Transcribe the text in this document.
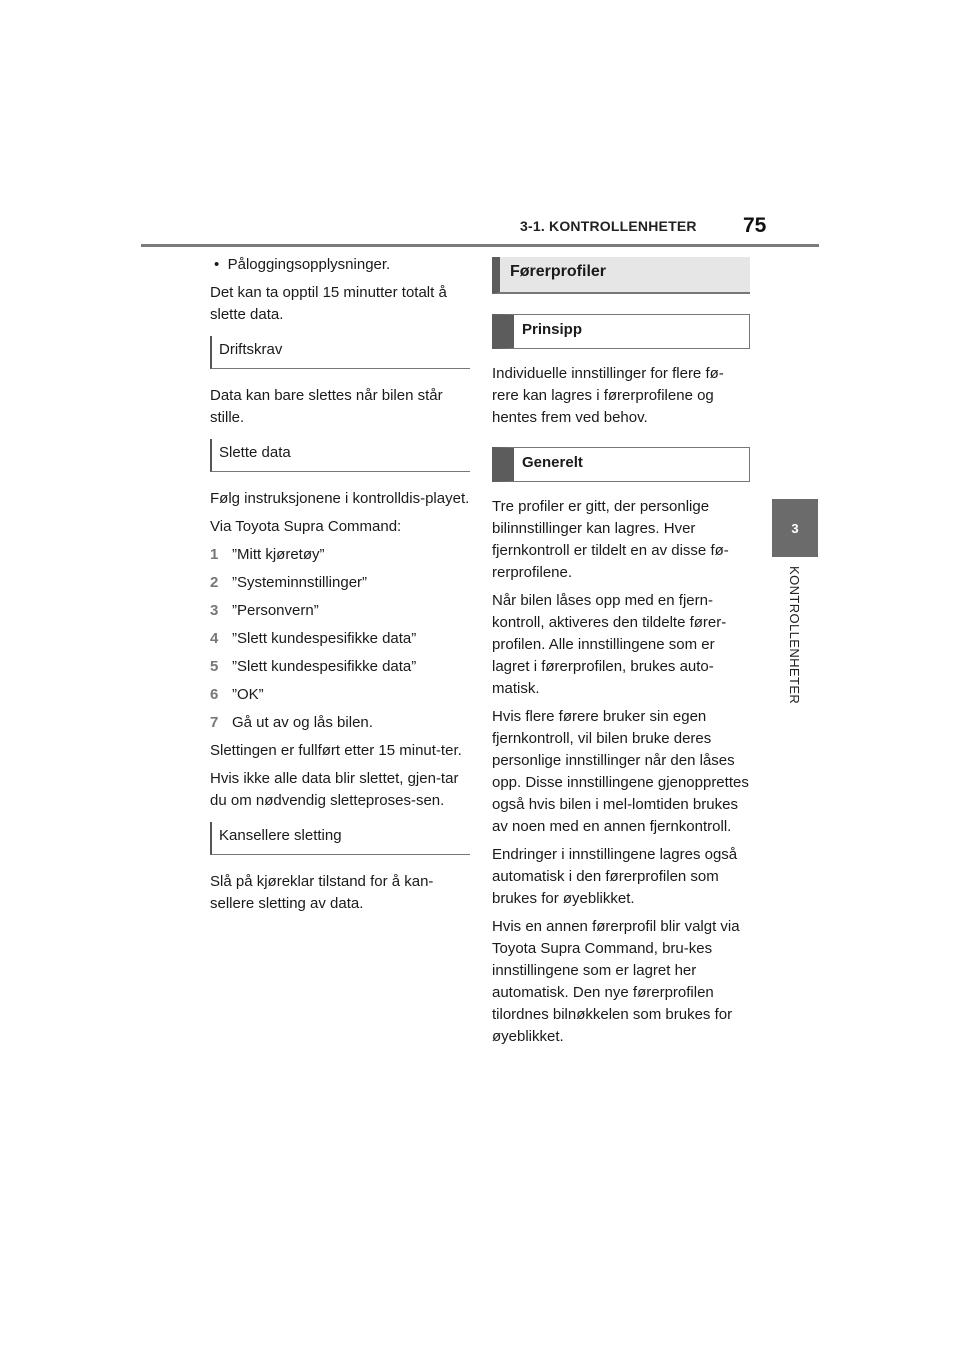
3-1. KONTROLLENHETER 75
3
KONTROLLENHETER

•  Påloggingsopplysninger.

Det kan ta opptil 15 minutter totalt å slette data.

Driftskrav

Data kan bare slettes når bilen står stille.

Slette data

Følg instruksjonene i kontrolldis-playet.

Via Toyota Supra Command:

1 ”Mitt kjøretøy”
2 ”Systeminnstillinger”
3 ”Personvern”
4 ”Slett kundespesifikke data”
5 ”Slett kundespesifikke data”
6 ”OK”
7 Gå ut av og lås bilen.

Slettingen er fullført etter 15 minut-ter.

Hvis ikke alle data blir slettet, gjen-tar du om nødvendig sletteproses-sen.

Kansellere sletting

Slå på kjøreklar tilstand for å kan-sellere sletting av data.

Førerprofiler
Prinsipp

Individuelle innstillinger for flere fø-rere kan lagres i førerprofilene og hentes frem ved behov.

Generelt

Tre profiler er gitt, der personlige bilinnstillinger kan lagres. Hver fjernkontroll er tildelt en av disse fø-rerprofilene.

Når bilen låses opp med en fjern-kontroll, aktiveres den tildelte fører-profilen. Alle innstillingene som er lagret i førerprofilen, brukes auto-matisk.

Hvis flere førere bruker sin egen fjernkontroll, vil bilen bruke deres personlige innstillinger når den låses opp. Disse innstillingene gjenopprettes også hvis bilen i mel-lomtiden brukes av noen med en annen fjernkontroll.

Endringer i innstillingene lagres også automatisk i den førerprofilen som brukes for øyeblikket.

Hvis en annen førerprofil blir valgt via Toyota Supra Command, bru-kes innstillingene som er lagret her automatisk. Den nye førerprofilen tilordnes bilnøkkelen som brukes for øyeblikket.
